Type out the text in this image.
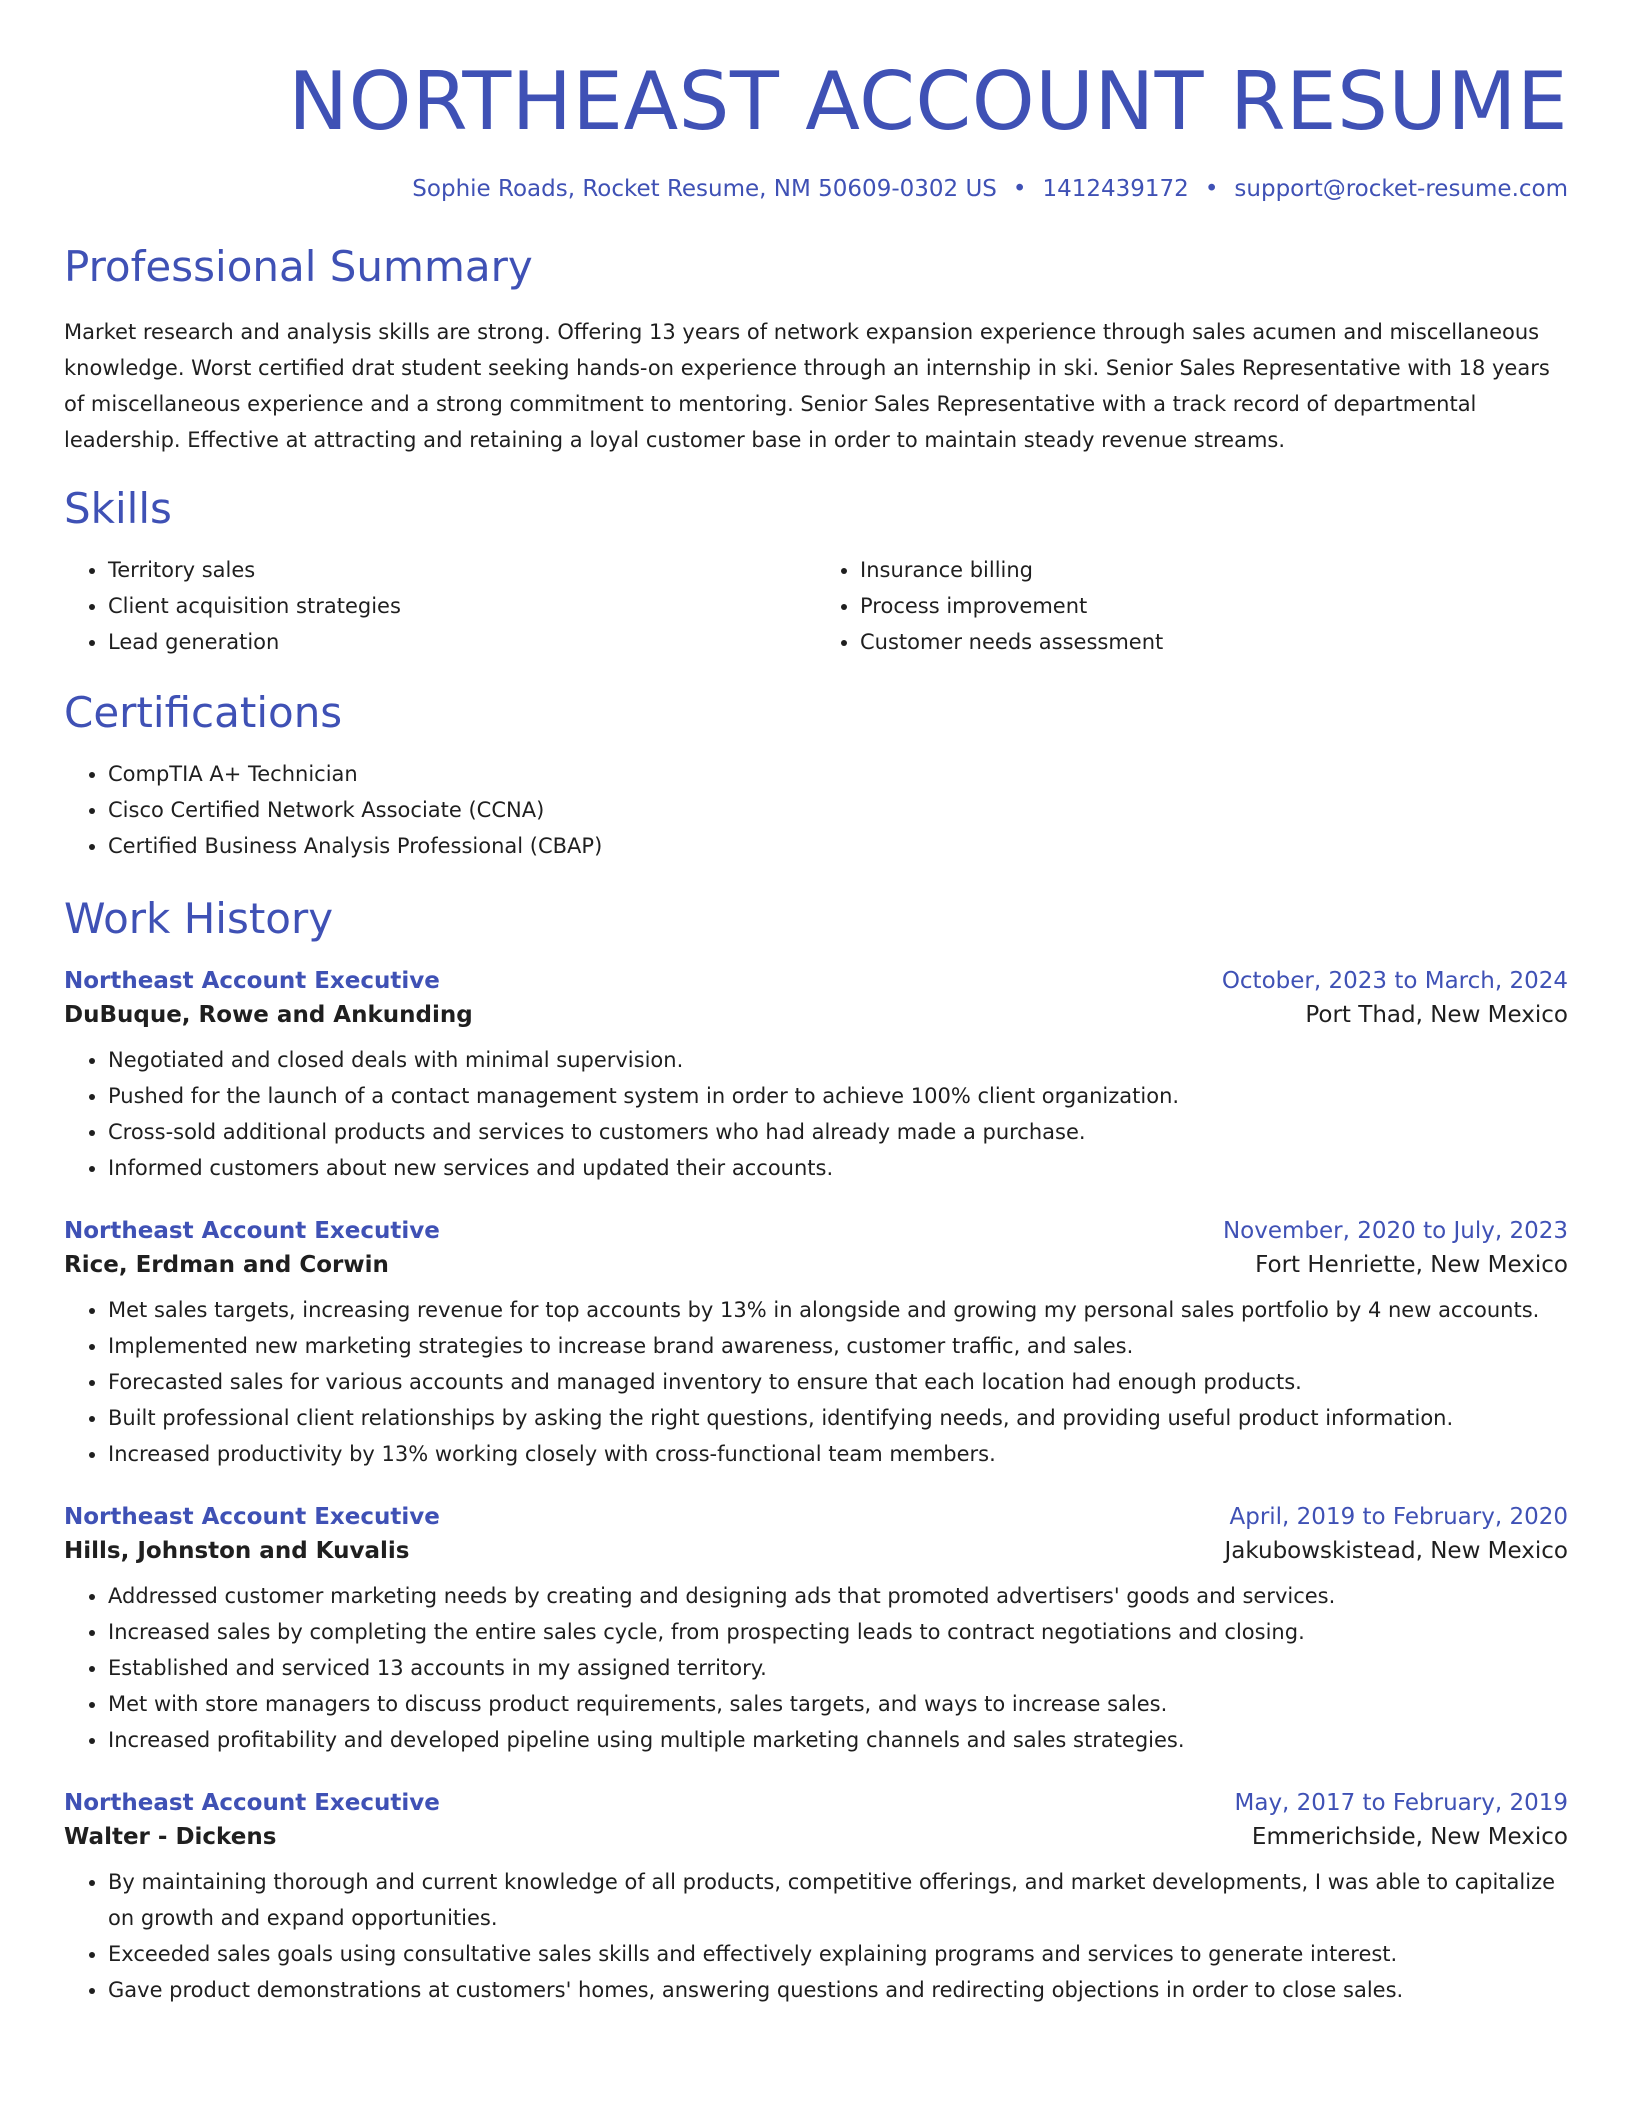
NORTHEAST ACCOUNT RESUME
Sophie Roads, Rocket Resume, NM 50609-0302 US • 1412439172 • support@rocket-resume.com
Professional Summary
Market research and analysis skills are strong. Offering 13 years of network expansion experience through sales acumen and miscellaneous knowledge. Worst certified drat student seeking hands-on experience through an internship in ski. Senior Sales Representative with 18 years of miscellaneous experience and a strong commitment to mentoring. Senior Sales Representative with a track record of departmental leadership. Effective at attracting and retaining a loyal customer base in order to maintain steady revenue streams.
Skills
• Territory sales
• Client acquisition strategies
• Lead generation
• Insurance billing
• Process improvement
• Customer needs assessment
Certifications
• CompTIA A+ Technician
• Cisco Certified Network Associate (CCNA)
• Certified Business Analysis Professional (CBAP)
Work History
Northeast Account Executive	October, 2023 to March, 2024
DuBuque, Rowe and Ankunding	Port Thad, New Mexico
• Negotiated and closed deals with minimal supervision.
• Pushed for the launch of a contact management system in order to achieve 100% client organization.
• Cross-sold additional products and services to customers who had already made a purchase.
• Informed customers about new services and updated their accounts.
Northeast Account Executive	November, 2020 to July, 2023
Rice, Erdman and Corwin	Fort Henriette, New Mexico
• Met sales targets, increasing revenue for top accounts by 13% in alongside and growing my personal sales portfolio by 4 new accounts.
• Implemented new marketing strategies to increase brand awareness, customer traffic, and sales.
• Forecasted sales for various accounts and managed inventory to ensure that each location had enough products.
• Built professional client relationships by asking the right questions, identifying needs, and providing useful product information.
• Increased productivity by 13% working closely with cross-functional team members.
Northeast Account Executive	April, 2019 to February, 2020
Hills, Johnston and Kuvalis	Jakubowskistead, New Mexico
• Addressed customer marketing needs by creating and designing ads that promoted advertisers' goods and services.
• Increased sales by completing the entire sales cycle, from prospecting leads to contract negotiations and closing.
• Established and serviced 13 accounts in my assigned territory.
• Met with store managers to discuss product requirements, sales targets, and ways to increase sales.
• Increased profitability and developed pipeline using multiple marketing channels and sales strategies.
Northeast Account Executive	May, 2017 to February, 2019
Walter - Dickens	Emmerichside, New Mexico
• By maintaining thorough and current knowledge of all products, competitive offerings, and market developments, I was able to capitalize on growth and expand opportunities.
• Exceeded sales goals using consultative sales skills and effectively explaining programs and services to generate interest.
• Gave product demonstrations at customers' homes, answering questions and redirecting objections in order to close sales.
